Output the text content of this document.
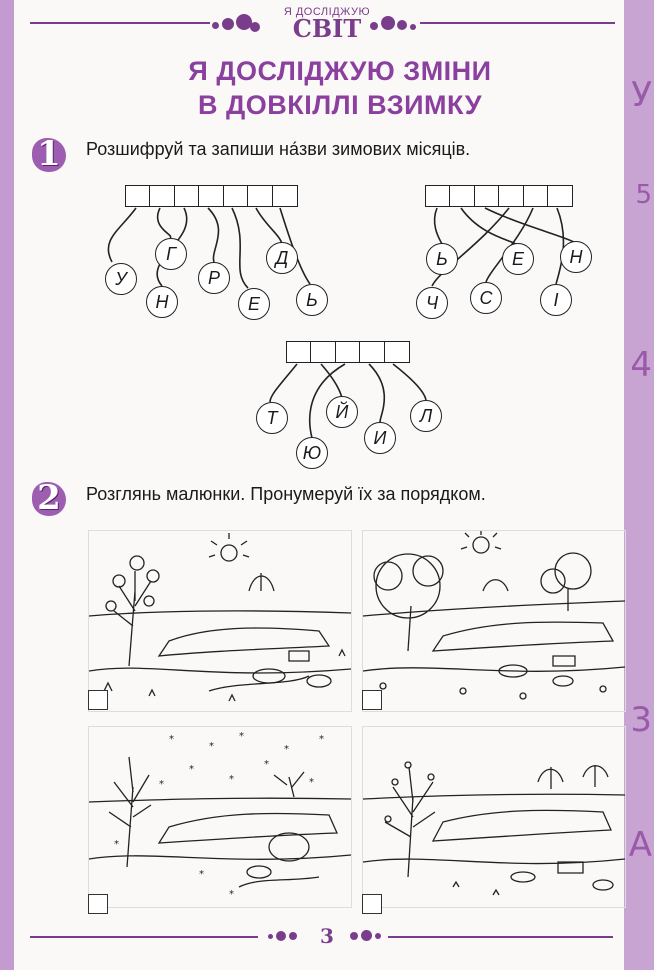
У
5
4
3
А
Я ДОСЛІДЖУЮ
СВІТ
Я ДОСЛІДЖУЮ ЗМІНИ
В ДОВКІЛЛІ ВЗИМКУ
1 Розшифруй та запиши на́зви зимових місяців.
У
Г
Н
Р
Е
Д
Ь
Ь	Е	Н
Ч	С	І
Т	Й
Ю
И
Л
2 Розглянь малюнки. Пронумеруй їх за порядком.
*
*
*
*
*
*
*
*
*	*
*
*
*
3
